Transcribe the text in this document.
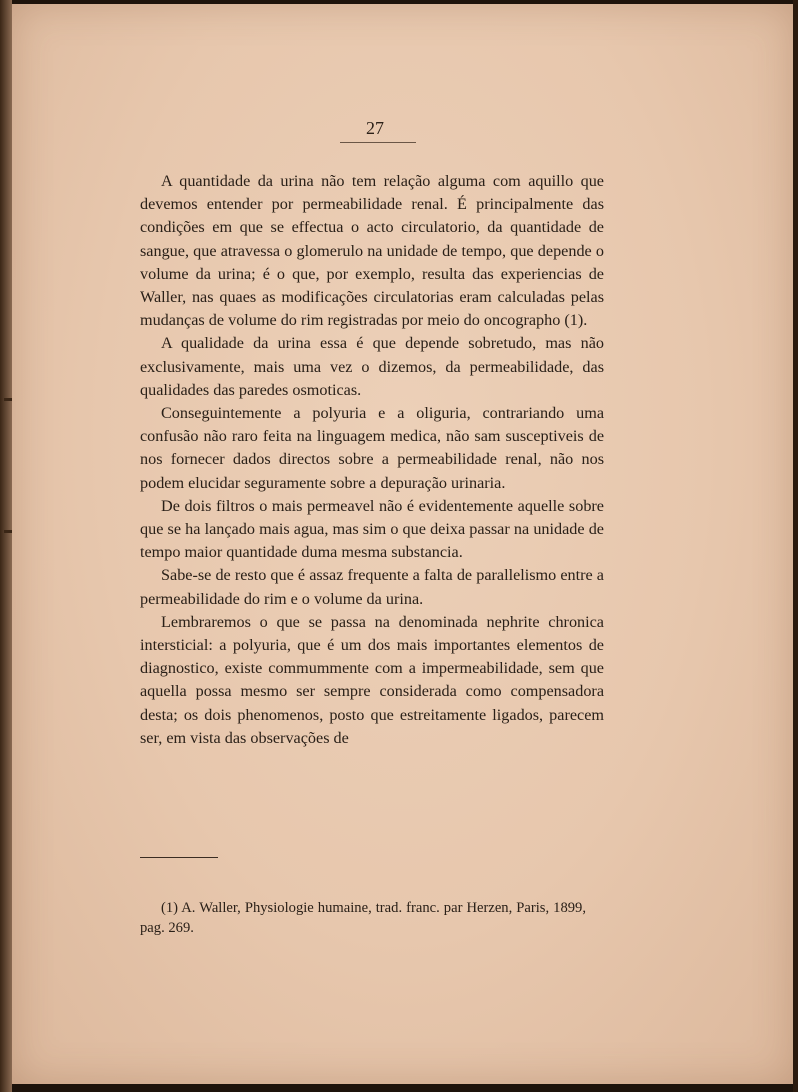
27

A quantidade da urina não tem relação alguma com aquillo que devemos entender por permeabilidade renal. É principalmente das condições em que se effectua o acto circulatorio, da quantidade de sangue, que atravessa o glomerulo na unidade de tempo, que depende o volume da urina; é o que, por exemplo, resulta das experiencias de Waller, nas quaes as modificações circulatorias eram calculadas pelas mudanças de volume do rim registradas por meio do oncographo (1).

A qualidade da urina essa é que depende sobretudo, mas não exclusivamente, mais uma vez o dizemos, da permeabilidade, das qualidades das paredes osmoticas.

Conseguintemente a polyuria e a oliguria, contrariando uma confusão não raro feita na linguagem medica, não sam susceptiveis de nos fornecer dados directos sobre a permeabilidade renal, não nos podem elucidar seguramente sobre a depuração urinaria.

De dois filtros o mais permeavel não é evidentemente aquelle sobre que se ha lançado mais agua, mas sim o que deixa passar na unidade de tempo maior quantidade duma mesma substancia.

Sabe-se de resto que é assaz frequente a falta de parallelismo entre a permeabilidade do rim e o volume da urina.

Lembraremos o que se passa na denominada nephrite chronica intersticial: a polyuria, que é um dos mais importantes elementos de diagnostico, existe commummente com a impermeabilidade, sem que aquella possa mesmo ser sempre considerada como compensadora desta; os dois phenomenos, posto que estreitamente ligados, parecem ser, em vista das observações de

(1) A. Waller, Physiologie humaine, trad. franc. par Herzen, Paris, 1899, pag. 269.
